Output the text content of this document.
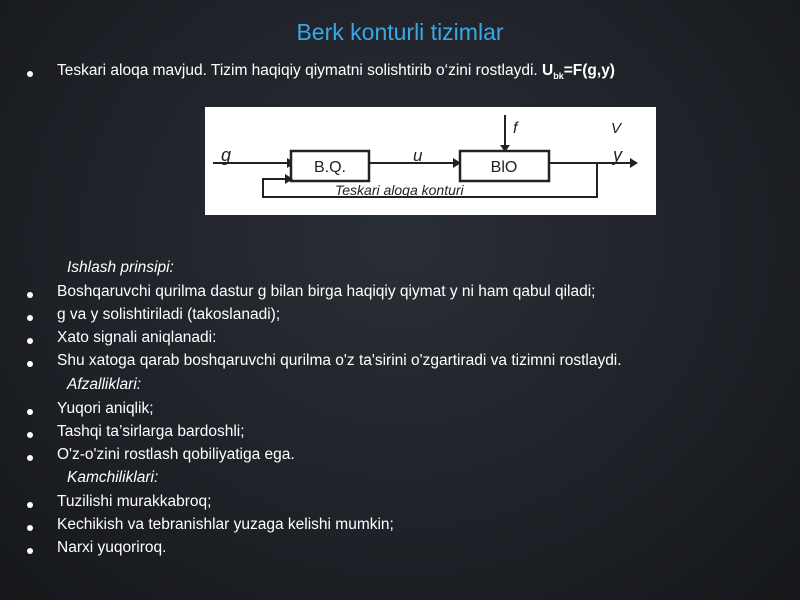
Berk konturli tizimlar
Teskari aloqa mavjud. Tizim haqiqiy qiymatni solishtirib o‘zini rostlaydi. $U_{bk}=F(g,y)$
g
B.Q.
u
BlO
f	V
y
Teskari aloqa konturi
Ishlash prinsipi:
Boshqaruvchi qurilma dastur g bilan birga haqiqiy qiymat y ni ham qabul qiladi;
g va y solishtiriladi (takoslanadi);
Xato signali aniqlanadi:
Shu xatoga qarab boshqaruvchi qurilma o'z ta'sirini o'zgartiradi va tizimni rostlaydi.
Afzalliklari:
Yuqori aniqlik;
Tashqi ta’sirlarga bardoshli;
O'z-o'zini rostlash qobiliyatiga ega.
Kamchiliklari:
Tuzilishi murakkabroq;
Kechikish va tebranishlar yuzaga kelishi mumkin;
Narxi yuqoriroq.
